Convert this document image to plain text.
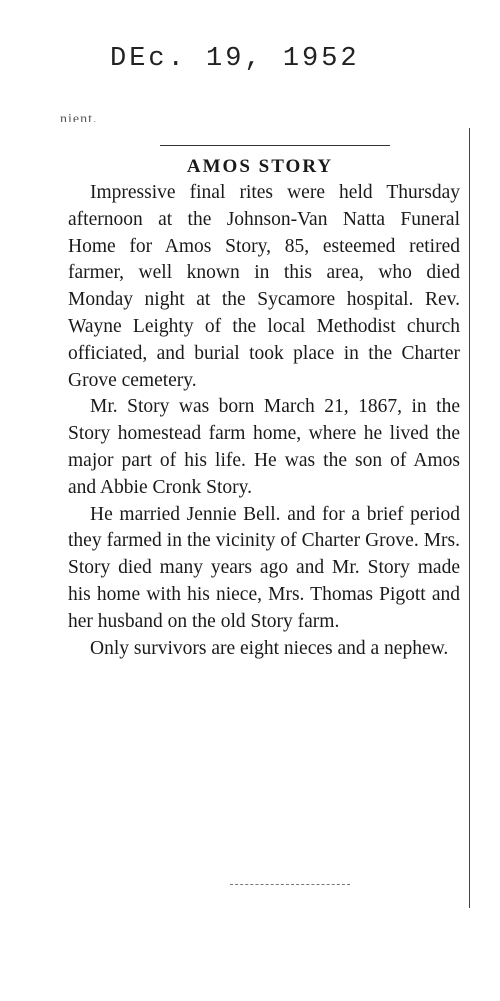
DEc. 19, 1952
nient.
AMOS STORY

Impressive final rites were held Thursday afternoon at the Johnson-Van Natta Funeral Home for Amos Story, 85, esteemed retired farmer, well known in this area, who died Monday night at the Sycamore hospital. Rev. Wayne Leighty of the local Methodist church officiated, and burial took place in the Charter Grove cemetery.

Mr. Story was born March 21, 1867, in the Story homestead farm home, where he lived the major part of his life. He was the son of Amos and Abbie Cronk Story.

He married Jennie Bell. and for a brief period they farmed in the vicinity of Charter Grove. Mrs. Story died many years ago and Mr. Story made his home with his niece, Mrs. Thomas Pigott and her husband on the old Story farm.

Only survivors are eight nieces and a nephew.
